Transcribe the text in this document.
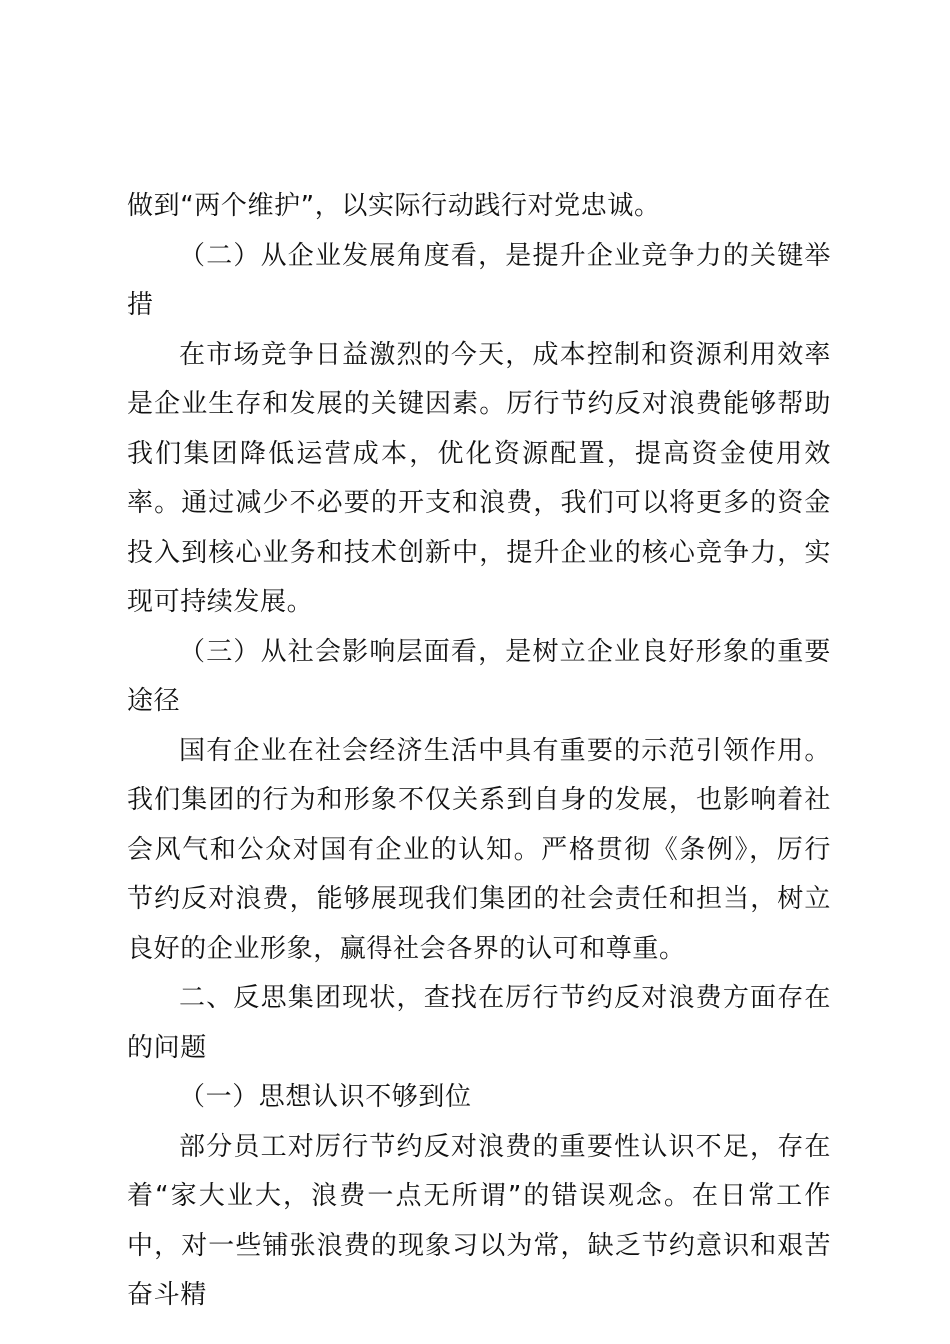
做到“两个维护”，以实际行动践行对党忠诚。

（二）从企业发展角度看，是提升企业竞争力的关键举措

在市场竞争日益激烈的今天，成本控制和资源利用效率是企业生存和发展的关键因素。厉行节约反对浪费能够帮助我们集团降低运营成本，优化资源配置，提高资金使用效率。通过减少不必要的开支和浪费，我们可以将更多的资金投入到核心业务和技术创新中，提升企业的核心竞争力，实现可持续发展。

（三）从社会影响层面看，是树立企业良好形象的重要途径

国有企业在社会经济生活中具有重要的示范引领作用。我们集团的行为和形象不仅关系到自身的发展，也影响着社会风气和公众对国有企业的认知。严格贯彻《条例》，厉行节约反对浪费，能够展现我们集团的社会责任和担当，树立良好的企业形象，赢得社会各界的认可和尊重。

二、反思集团现状，查找在厉行节约反对浪费方面存在的问题

（一）思想认识不够到位

部分员工对厉行节约反对浪费的重要性认识不足，存在着“家大业大，浪费一点无所谓”的错误观念。在日常工作中，对一些铺张浪费的现象习以为常，缺乏节约意识和艰苦奋斗精
